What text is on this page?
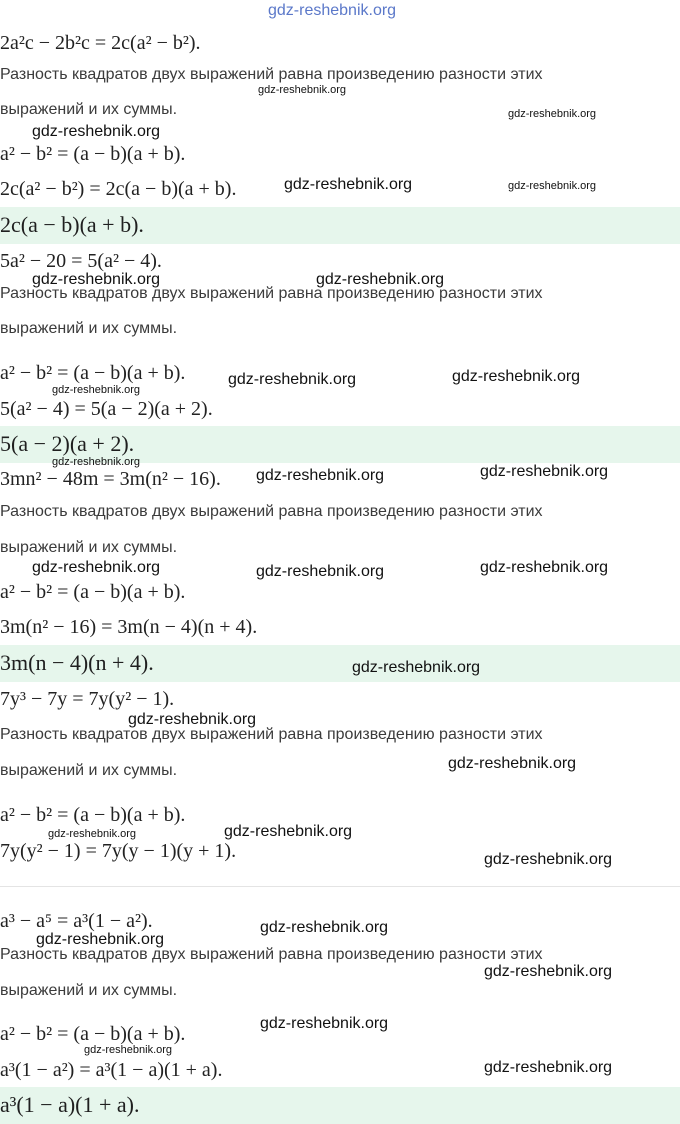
gdz-reshebnik.org
2a²c − 2b²c = 2c(a² − b²).
Разность квадратов двух выражений равна произведению разности этих
выражений и их суммы.
a² − b² = (a − b)(a + b).
2c(a² − b²) = 2c(a − b)(a + b).
2c(a − b)(a + b).
5a² − 20 = 5(a² − 4).
Разность квадратов двух выражений равна произведению разности этих
выражений и их суммы.
a² − b² = (a − b)(a + b).
5(a² − 4) = 5(a − 2)(a + 2).
5(a − 2)(a + 2).
3mn² − 48m = 3m(n² − 16).
Разность квадратов двух выражений равна произведению разности этих
выражений и их суммы.
a² − b² = (a − b)(a + b).
3m(n² − 16) = 3m(n − 4)(n + 4).
3m(n − 4)(n + 4).
7y³ − 7y = 7y(y² − 1).
Разность квадратов двух выражений равна произведению разности этих
выражений и их суммы.
a² − b² = (a − b)(a + b).
7y(y² − 1) = 7y(y − 1)(y + 1).
a³ − a⁵ = a³(1 − a²).
Разность квадратов двух выражений равна произведению разности этих
выражений и их суммы.
a² − b² = (a − b)(a + b).
a³(1 − a²) = a³(1 − a)(1 + a).
a³(1 − a)(1 + a).
gdz-reshebnik.org
gdz-reshebnik.org
gdz-reshebnik.org
gdz-reshebnik.org	gdz-reshebnik.org
gdz-reshebnik.org	gdz-reshebnik.org
gdz-reshebnik.org	gdz-reshebnik.org
gdz-reshebnik.org
gdz-reshebnik.org
gdz-reshebnik.org	gdz-reshebnik.org
gdz-reshebnik.org	gdz-reshebnik.org	gdz-reshebnik.org
gdz-reshebnik.org
gdz-reshebnik.org
gdz-reshebnik.org
gdz-reshebnik.org
gdz-reshebnik.org
gdz-reshebnik.org
gdz-reshebnik.org
gdz-reshebnik.org
gdz-reshebnik.org
gdz-reshebnik.org
gdz-reshebnik.org
gdz-reshebnik.org
